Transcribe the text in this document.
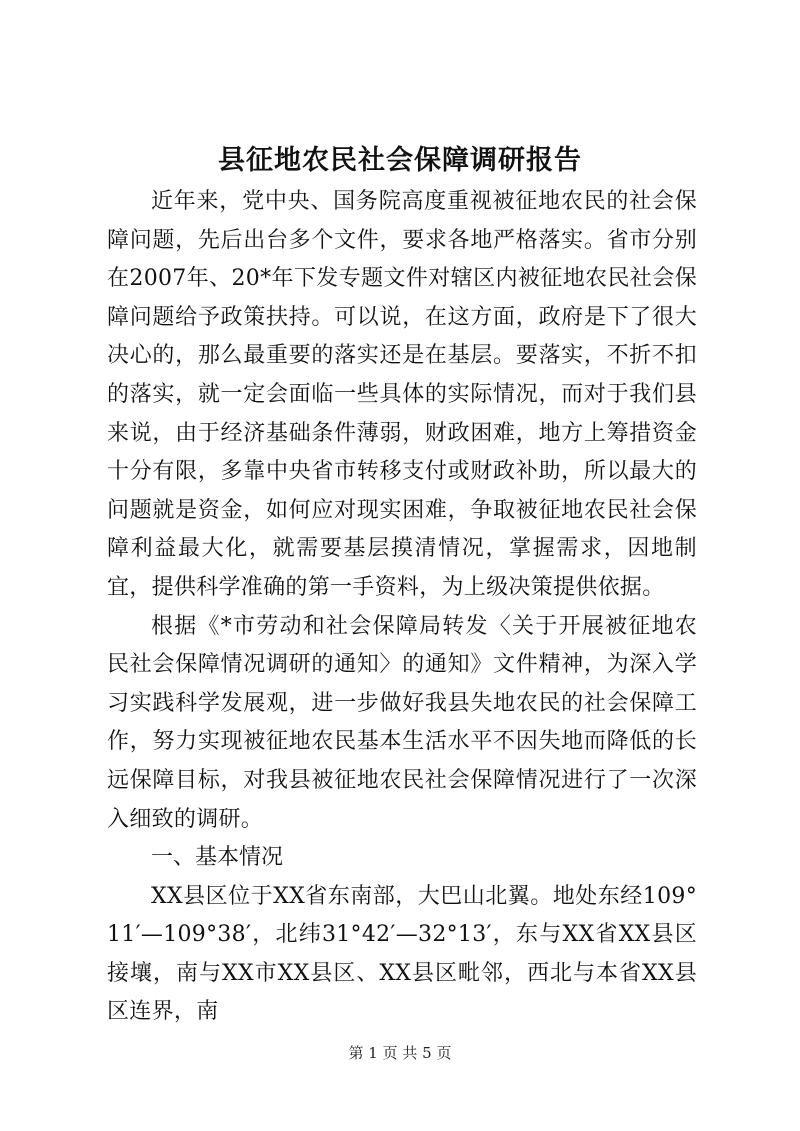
县征地农民社会保障调研报告

近年来，党中央、国务院高度重视被征地农民的社会保障问题，先后出台多个文件，要求各地严格落实。省市分别在2007年、20*年下发专题文件对辖区内被征地农民社会保障问题给予政策扶持。可以说，在这方面，政府是下了很大决心的，那么最重要的落实还是在基层。要落实，不折不扣的落实，就一定会面临一些具体的实际情况，而对于我们县来说，由于经济基础条件薄弱，财政困难，地方上筹措资金十分有限，多靠中央省市转移支付或财政补助，所以最大的问题就是资金，如何应对现实困难，争取被征地农民社会保障利益最大化，就需要基层摸清情况，掌握需求，因地制宜，提供科学准确的第一手资料，为上级决策提供依据。

根据《*市劳动和社会保障局转发〈关于开展被征地农民社会保障情况调研的通知〉的通知》文件精神，为深入学习实践科学发展观，进一步做好我县失地农民的社会保障工作，努力实现被征地农民基本生活水平不因失地而降低的长远保障目标，对我县被征地农民社会保障情况进行了一次深入细致的调研。

一、基本情况

XX县区位于XX省东南部，大巴山北翼。地处东经109°11′—109°38′，北纬31°42′—32°13′，东与XX省XX县区接壤，南与XX市XX县区、XX县区毗邻，西北与本省XX县区连界，南

第 1 页 共 5 页
